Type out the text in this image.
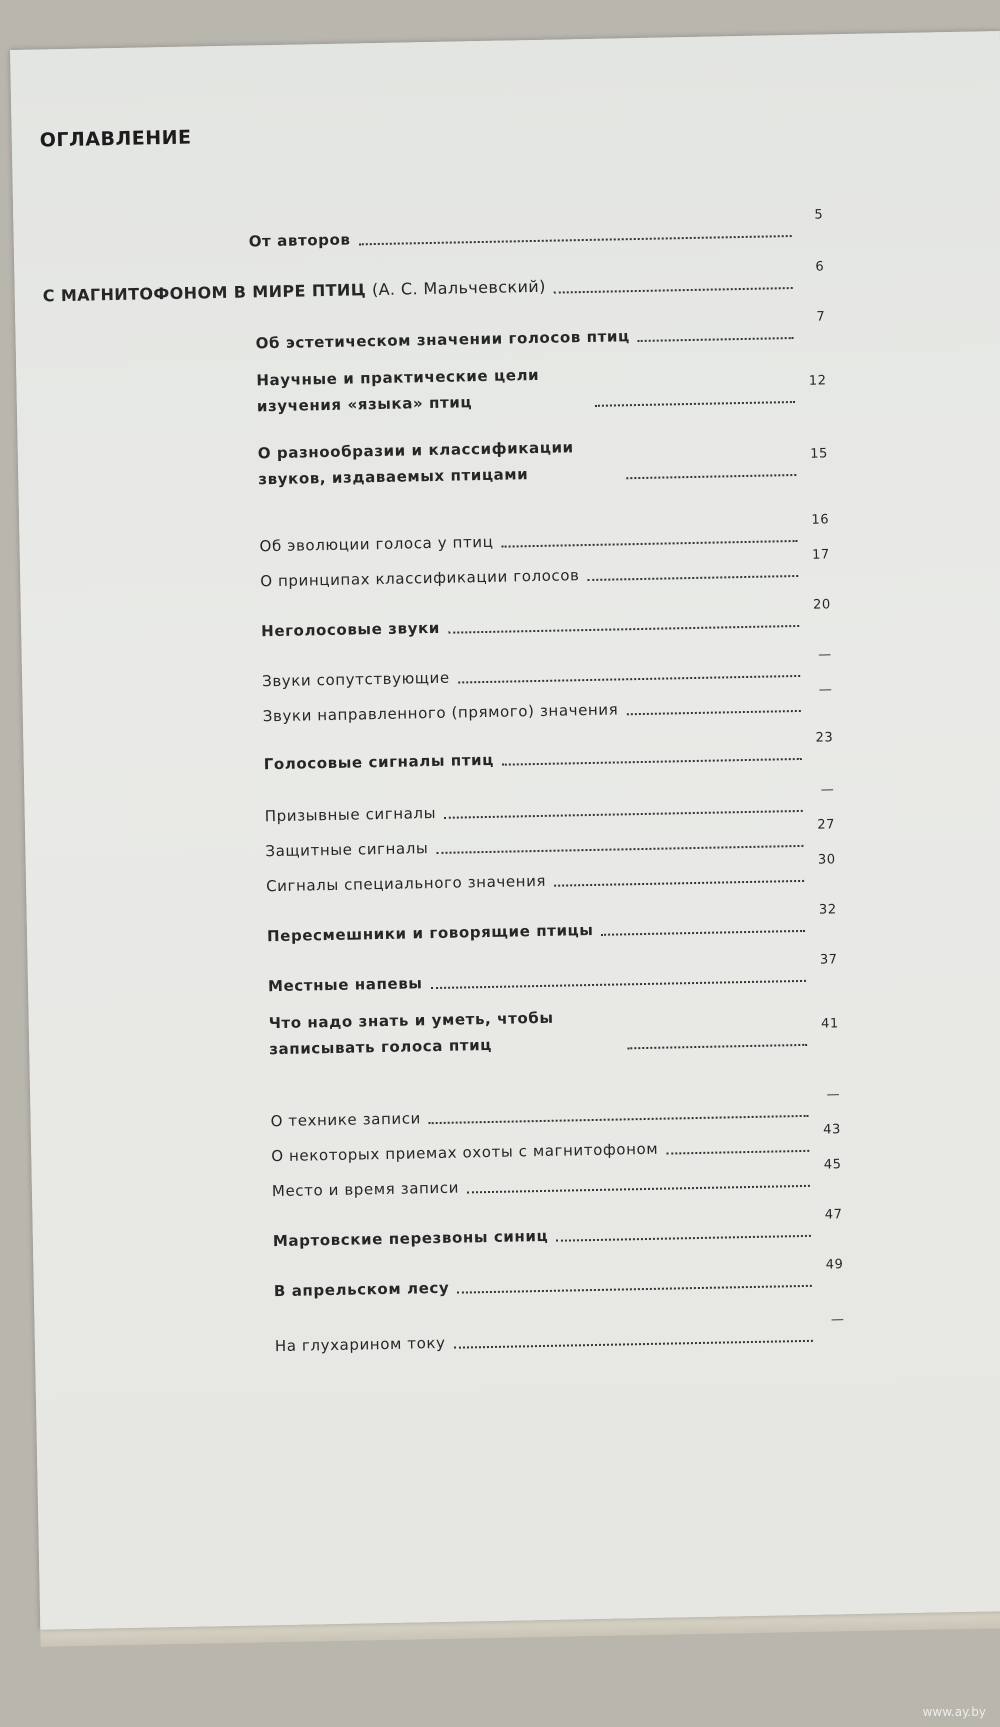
ОГЛАВЛЕНИЕ
От авторов
5
С МАГНИТОФОНОМ В МИРЕ ПТИЦ (А. С. Мальчевский)
6
Об эстетическом значении голосов птиц
7
Научные и практические цели изучения «языка» птиц
12
О разнообразии и классификации звуков, издаваемых птицами
15
Об эволюции голоса у птиц
16
О принципах классификации голосов
17
Неголосовые звуки
20
Звуки сопутствующие
—
Звуки направленного (прямого) значения
—
Голосовые сигналы птиц
23
Призывные сигналы
—
Защитные сигналы
27
Сигналы специального значения
30
Пересмешники и говорящие птицы
32
Местные напевы
37
Что надо знать и уметь, чтобы записывать голоса птиц
41
О технике записи
—
О некоторых приемах охоты с магнитофоном
43
Место и время записи
45
Мартовские перезвоны синиц
47
В апрельском лесу
49
На глухарином току
—
www.ay.by
